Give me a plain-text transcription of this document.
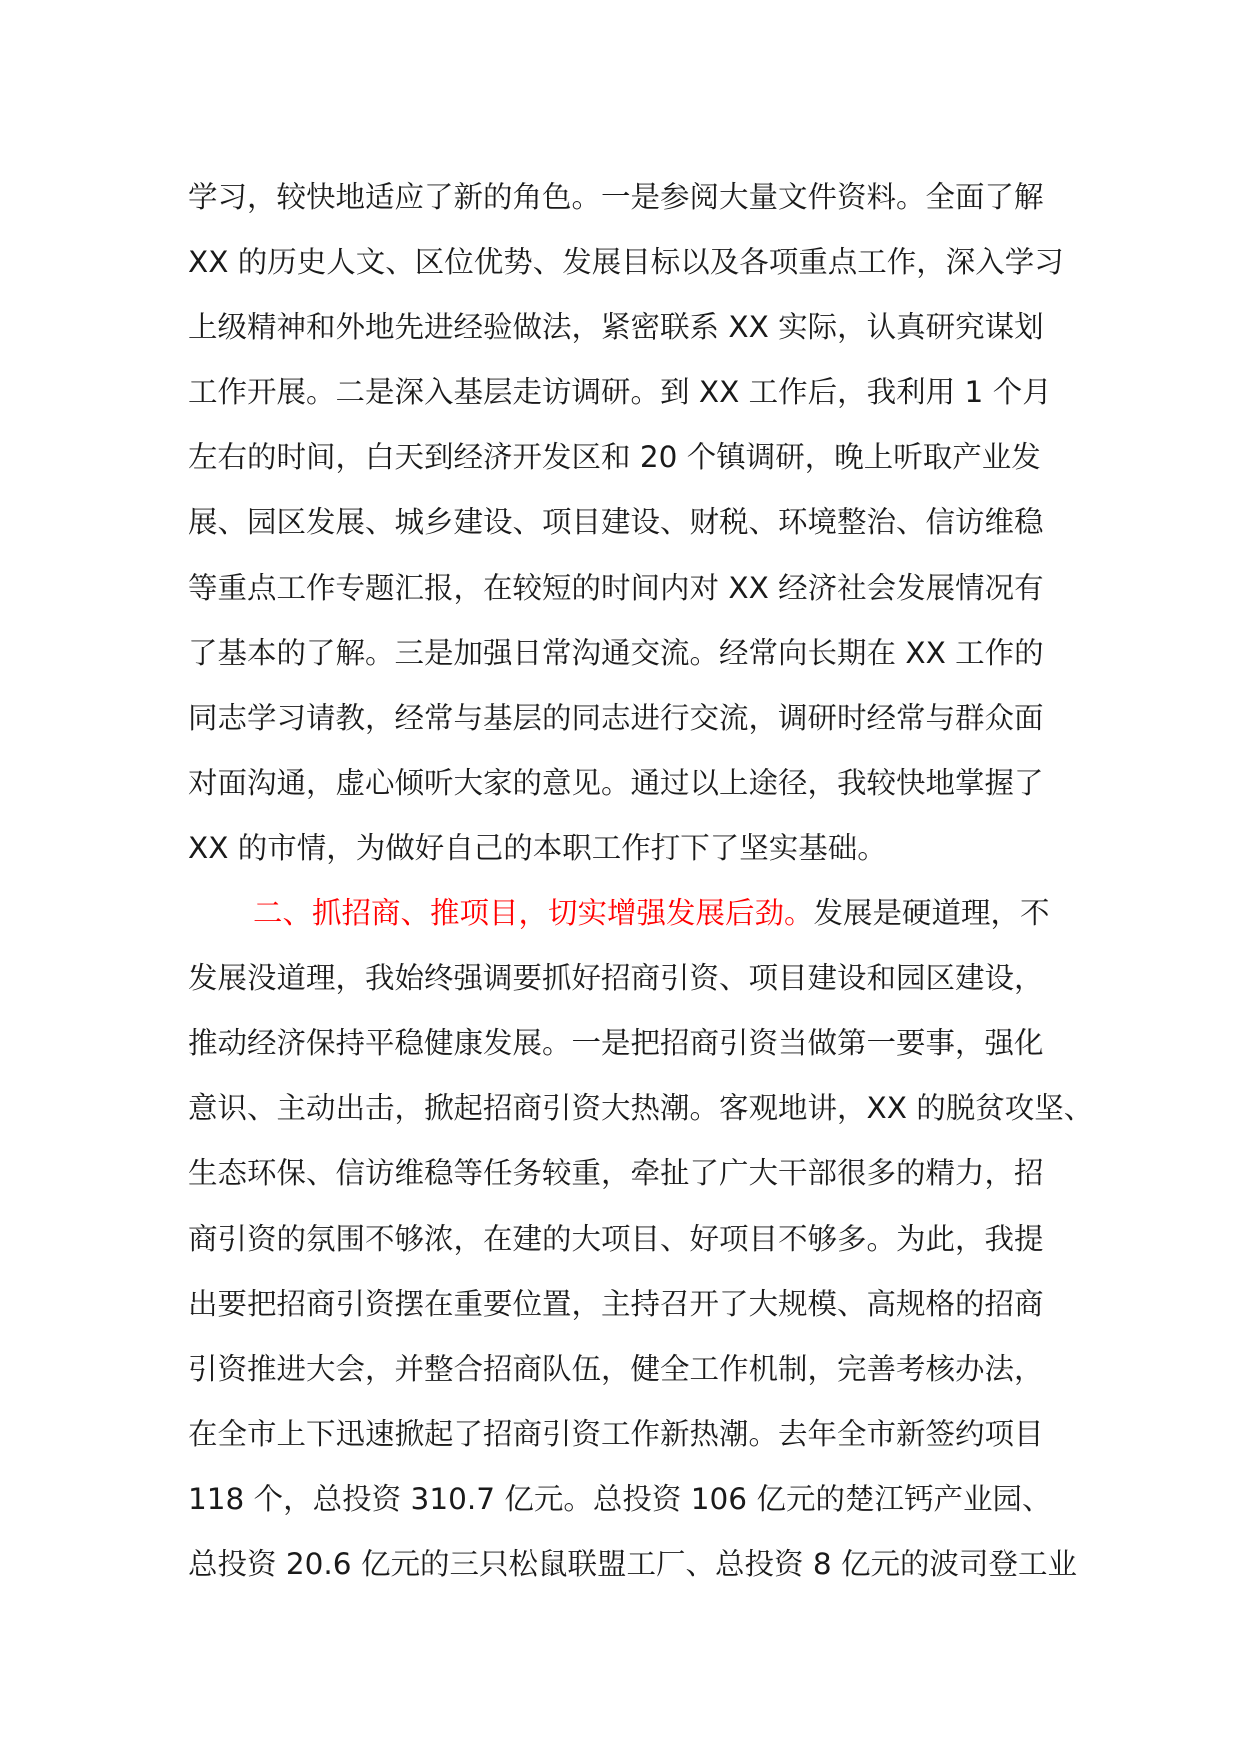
学习，较快地适应了新的角色。一是参阅大量文件资料。全面了解
XX 的历史人文、区位优势、发展目标以及各项重点工作，深入学习
上级精神和外地先进经验做法，紧密联系 XX 实际，认真研究谋划
工作开展。二是深入基层走访调研。到 XX 工作后，我利用 1 个月
左右的时间，白天到经济开发区和 20 个镇调研，晚上听取产业发
展、园区发展、城乡建设、项目建设、财税、环境整治、信访维稳
等重点工作专题汇报，在较短的时间内对 XX 经济社会发展情况有
了基本的了解。三是加强日常沟通交流。经常向长期在 XX 工作的
同志学习请教，经常与基层的同志进行交流，调研时经常与群众面
对面沟通，虚心倾听大家的意见。通过以上途径，我较快地掌握了
XX 的市情，为做好自己的本职工作打下了坚实基础。
二、抓招商、推项目，切实增强发展后劲。发展是硬道理，不
发展没道理，我始终强调要抓好招商引资、项目建设和园区建设，
推动经济保持平稳健康发展。一是把招商引资当做第一要事，强化
意识、主动出击，掀起招商引资大热潮。客观地讲，XX 的脱贫攻坚、
生态环保、信访维稳等任务较重，牵扯了广大干部很多的精力，招
商引资的氛围不够浓，在建的大项目、好项目不够多。为此，我提
出要把招商引资摆在重要位置，主持召开了大规模、高规格的招商
引资推进大会，并整合招商队伍，健全工作机制，完善考核办法，
在全市上下迅速掀起了招商引资工作新热潮。去年全市新签约项目
118 个，总投资 310.7 亿元。总投资 106 亿元的楚江钙产业园、
总投资 20.6 亿元的三只松鼠联盟工厂、总投资 8 亿元的波司登工业
